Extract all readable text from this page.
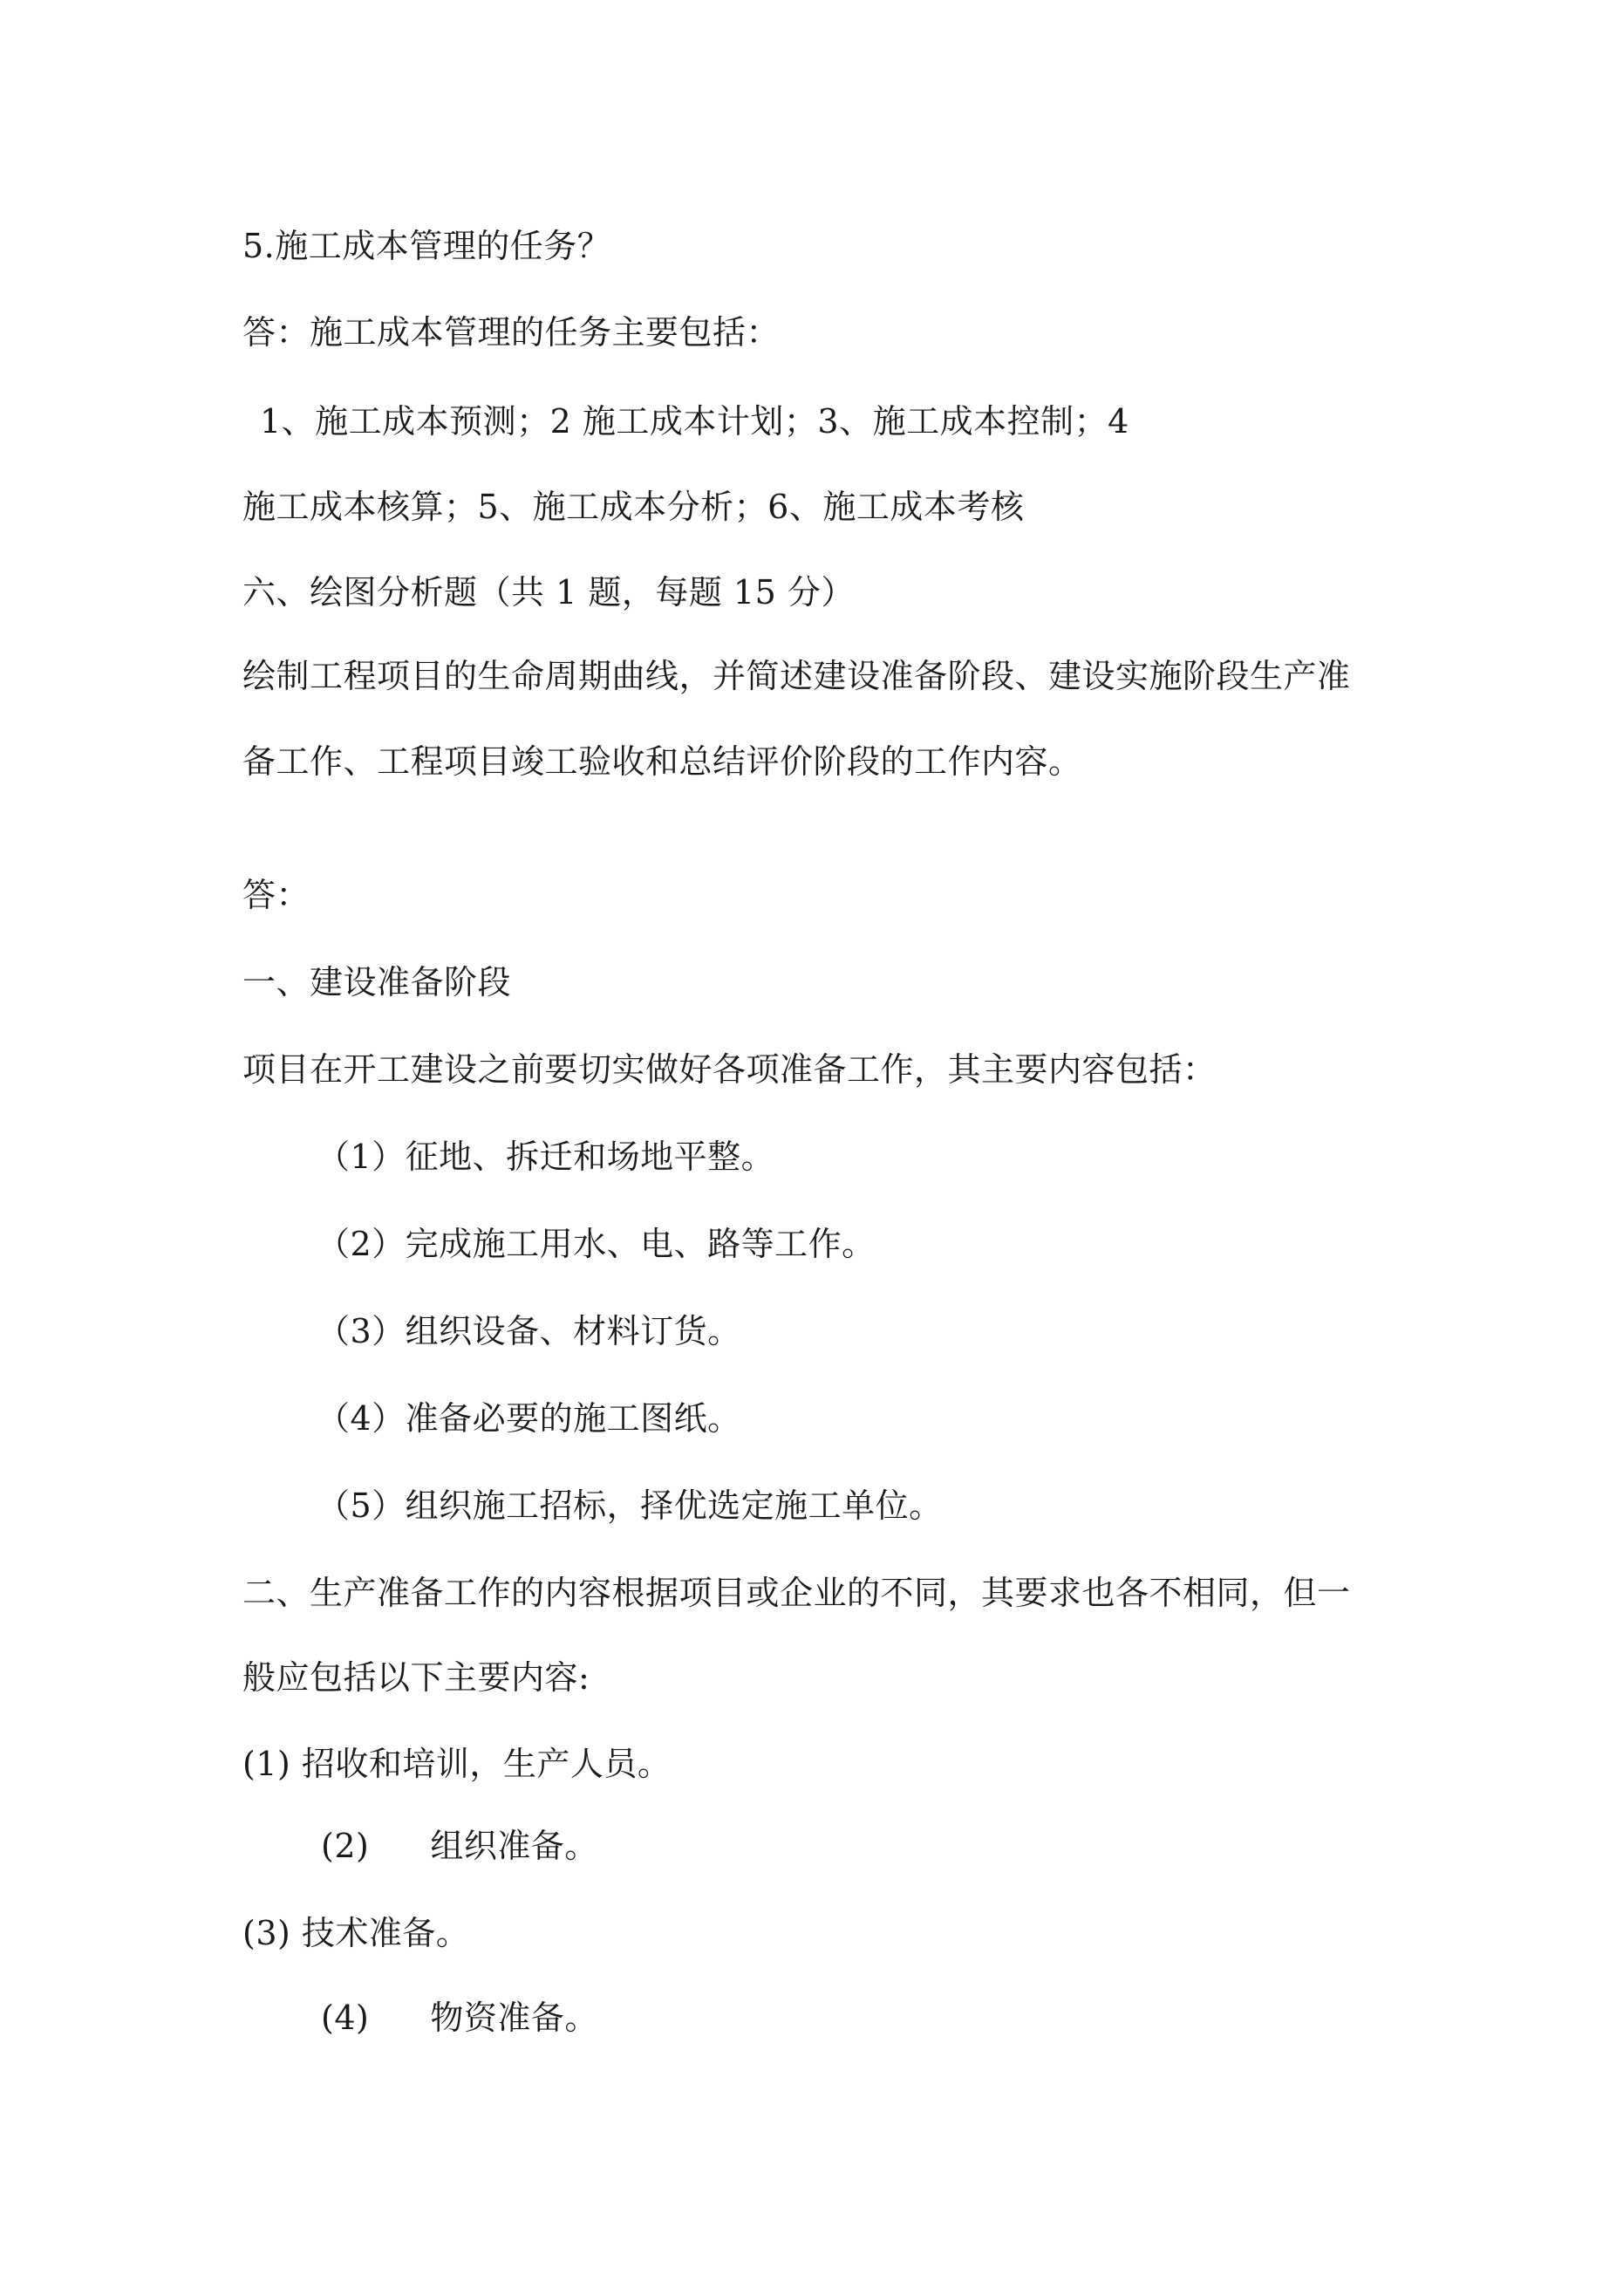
5.施工成本管理的任务？
答：施工成本管理的任务主要包括：
1、施工成本预测；2 施工成本计划；3、施工成本控制；4
施工成本核算；5、施工成本分析；6、施工成本考核
六、绘图分析题（共 1 题，每题 15 分）
绘制工程项目的生命周期曲线，并简述建设准备阶段、建设实施阶段生产准
备工作、工程项目竣工验收和总结评价阶段的工作内容。
答：
一、建设准备阶段
项目在开工建设之前要切实做好各项准备工作，其主要内容包括：
（1）征地、拆迁和场地平整。
（2）完成施工用水、电、路等工作。
（3）组织设备、材料订货。
（4）准备必要的施工图纸。
（5）组织施工招标，择优选定施工单位。
二、生产准备工作的内容根据项目或企业的不同，其要求也各不相同，但一
般应包括以下主要内容:
(1) 招收和培训，生产人员。
(2) 组织准备。
(3) 技术准备。
(4) 物资准备。
